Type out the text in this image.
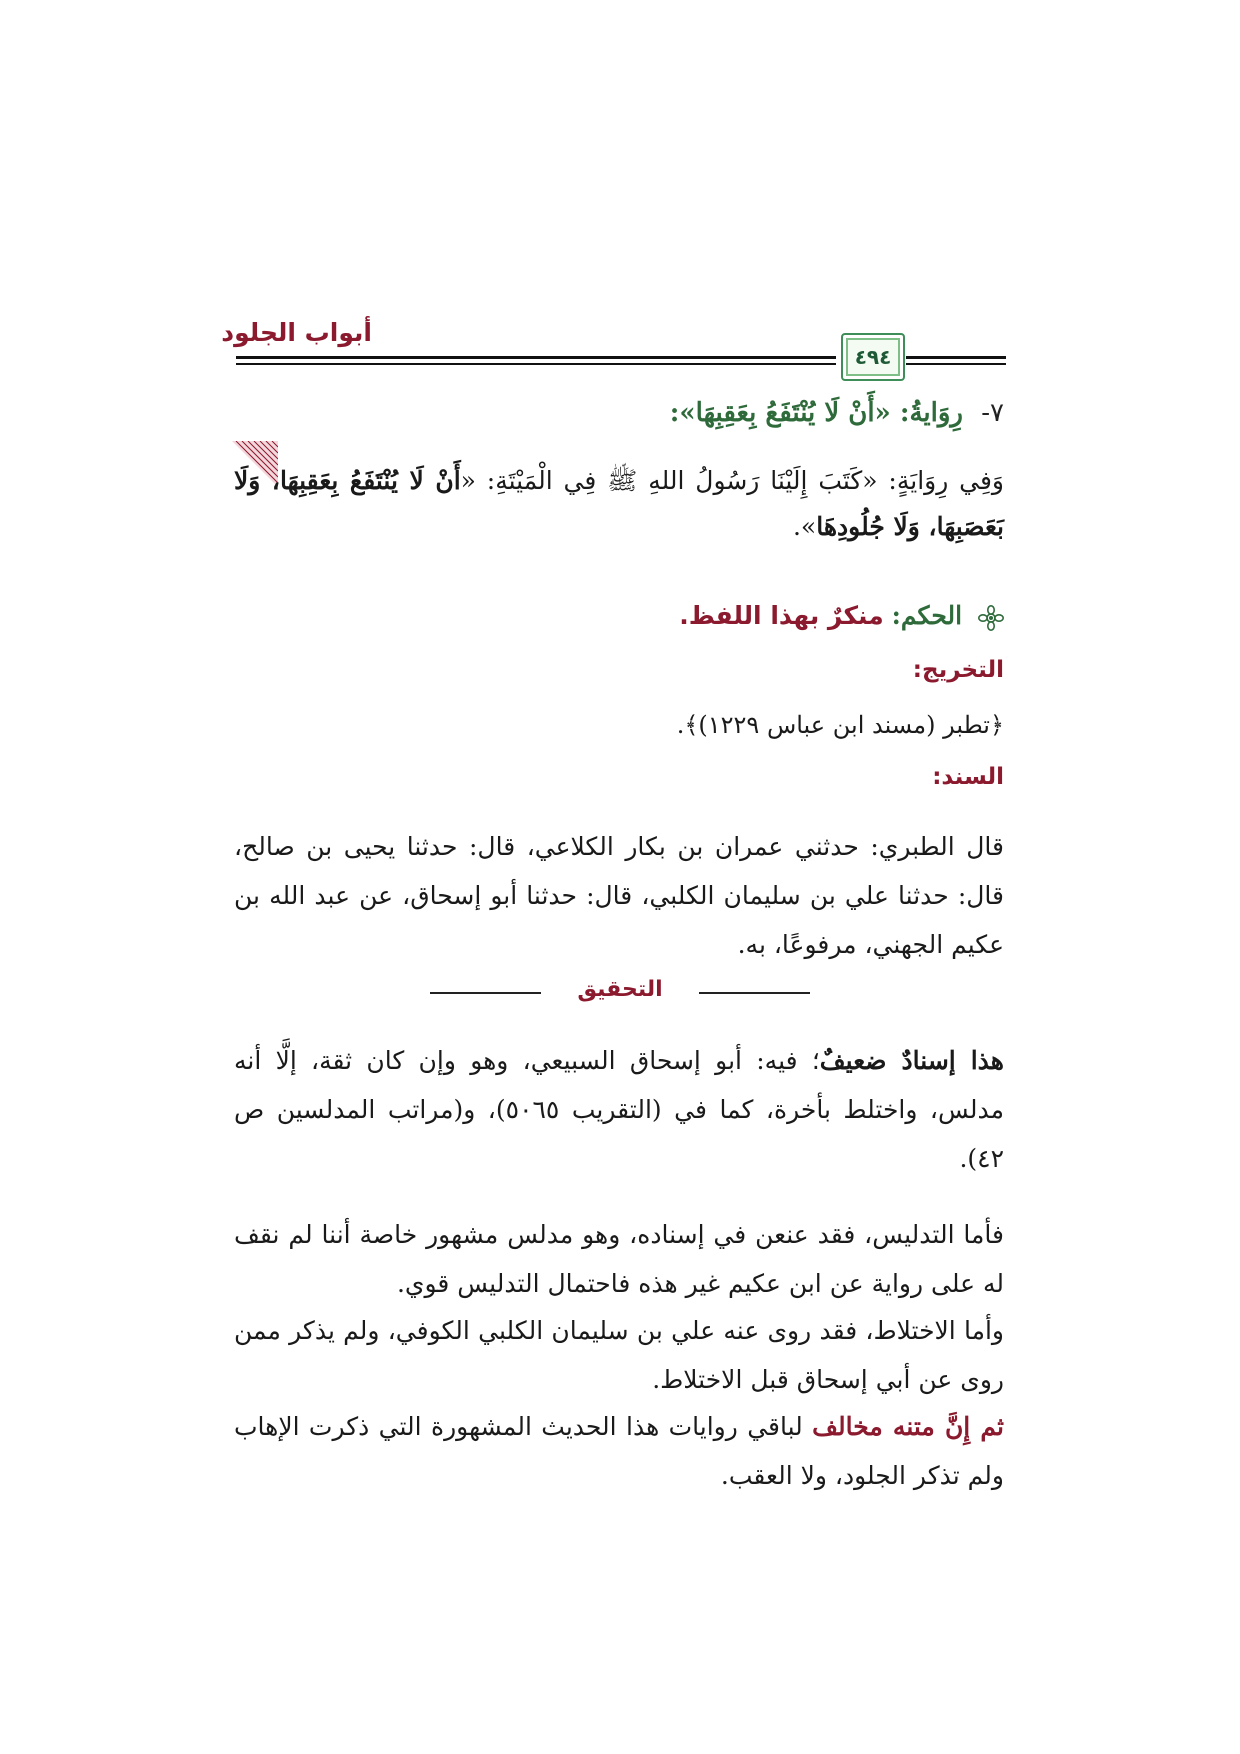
أبواب الجلود
٤٩٤
٧- رِوَايةُ: «أَنْ لَا يُنْتَفَعُ بِعَقِبِهَا»:
وَفِي رِوَايَةٍ: «كَتَبَ إِلَيْنَا رَسُولُ اللهِ ﷺ فِي الْمَيْتَةِ: «أَنْ لَا يُنْتَفَعُ بِعَقِبِهَا، وَلَا بَعَصَبِهَا، وَلَا جُلُودِهَا».
الحكم: منكرٌ بهذا اللفظ.
التخريج:
﴿تطبر (مسند ابن عباس ١٢٢٩)﴾.
السند:
قال الطبري: حدثني عمران بن بكار الكلاعي، قال: حدثنا يحيى بن صالح، قال: حدثنا علي بن سليمان الكلبي، قال: حدثنا أبو إسحاق، عن عبد الله بن عكيم الجهني، مرفوعًا، به.
التحقيق
هذا إسنادٌ ضعيفٌ؛ فيه: أبو إسحاق السبيعي، وهو وإن كان ثقة، إلَّا أنه مدلس، واختلط بأخرة، كما في (التقريب ٥٠٦٥)، و(مراتب المدلسين ص ٤٢).
فأما التدليس، فقد عنعن في إسناده، وهو مدلس مشهور خاصة أننا لم نقف له على رواية عن ابن عكيم غير هذه فاحتمال التدليس قوي.
وأما الاختلاط، فقد روى عنه علي بن سليمان الكلبي الكوفي، ولم يذكر ممن روى عن أبي إسحاق قبل الاختلاط.
ثم إِنَّ متنه مخالف لباقي روايات هذا الحديث المشهورة التي ذكرت الإهاب ولم تذكر الجلود، ولا العقب.
